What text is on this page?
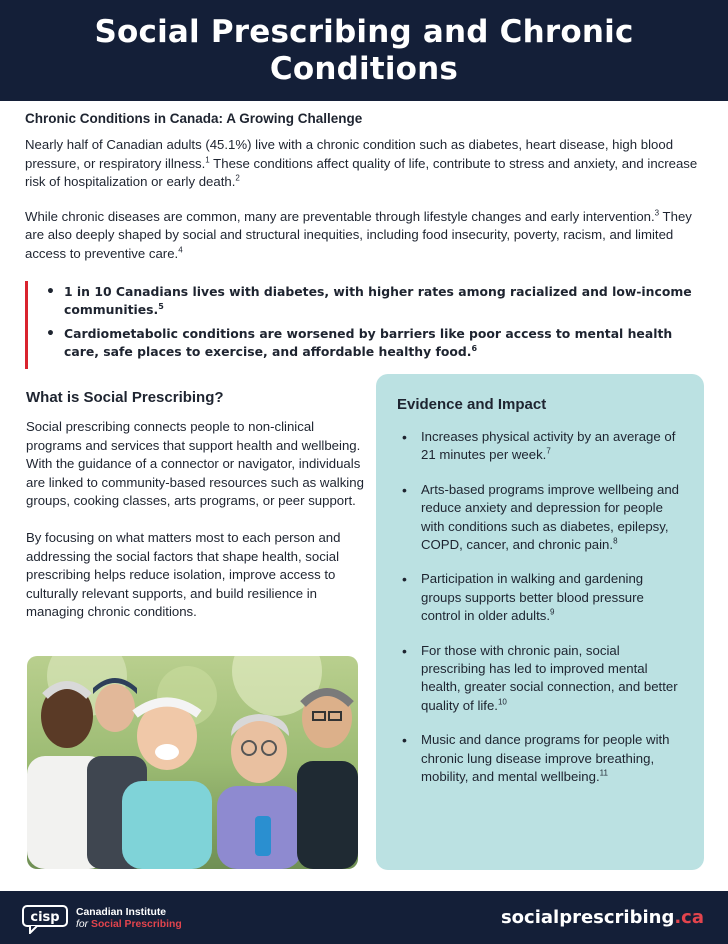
Social Prescribing and Chronic Conditions
Chronic Conditions in Canada: A Growing Challenge

Nearly half of Canadian adults (45.1%) live with a chronic condition such as diabetes, heart disease, high blood pressure, or respiratory illness.$^1$ These conditions affect quality of life, contribute to stress and anxiety, and increase risk of hospitalization or early death.$^2$

While chronic diseases are common, many are preventable through lifestyle changes and early intervention.$^3$ They are also deeply shaped by social and structural inequities, including food insecurity, poverty, racism, and limited access to preventive care.$^4$

• 1 in 10 Canadians lives with diabetes, with higher rates among racialized and low-income communities.$^5$
• Cardiometabolic conditions are worsened by barriers like poor access to mental health care, safe places to exercise, and affordable healthy food.$^6$
What is Social Prescribing?

Social prescribing connects people to non-clinical programs and services that support health and wellbeing. With the guidance of a connector or navigator, individuals are linked to community-based resources such as walking groups, cooking classes, arts programs, or peer support.

By focusing on what matters most to each person and addressing the social factors that shape health, social prescribing helps reduce isolation, improve access to culturally relevant supports, and build resilience in managing chronic conditions.

Evidence and Impact
• Increases physical activity by an average of 21 minutes per week.$^7$
• Arts-based programs improve wellbeing and reduce anxiety and depression for people with conditions such as diabetes, epilepsy, COPD, cancer, and chronic pain.$^8$
• Participation in walking and gardening groups supports better blood pressure control in older adults.$^9$
• For those with chronic pain, social prescribing has led to improved mental health, greater social connection, and better quality of life.$^{10}$
• Music and dance programs for people with chronic lung disease improve breathing, mobility, and mental wellbeing.$^{11}$
cisp Canadian Institute
for Social Prescribing	socialprescribing.ca
